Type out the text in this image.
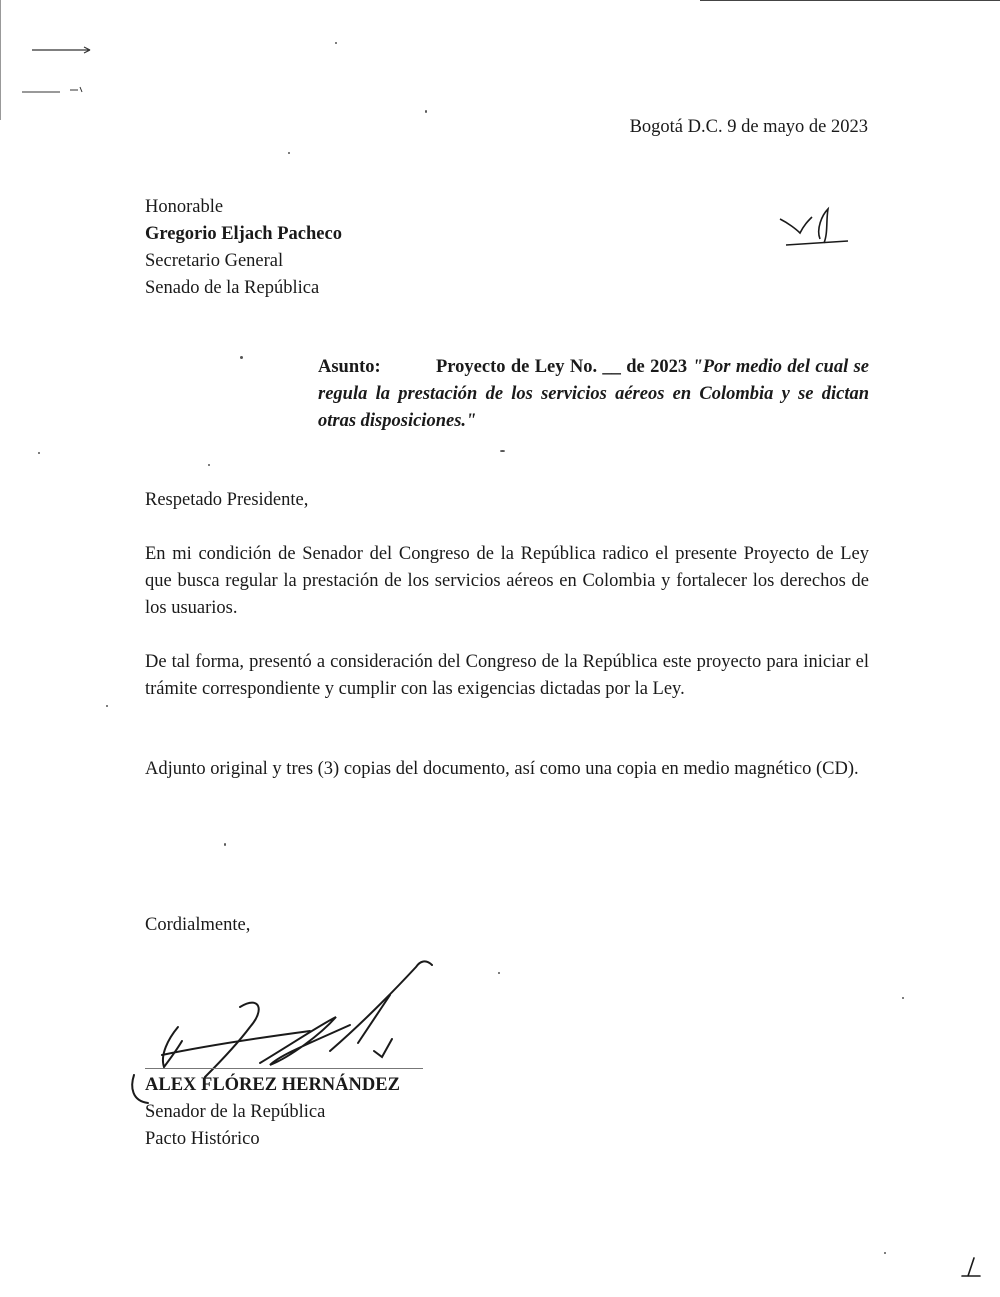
Bogotá D.C. 9 de mayo de 2023
Honorable
Gregorio Eljach Pacheco
Secretario General
Senado de la República
Asunto:	Proyecto de Ley No. __ de 2023 "Por medio del cual se regula la prestación de los servicios aéreos en Colombia y se dictan otras disposiciones."
Respetado Presidente,

En mi condición de Senador del Congreso de la República radico el presente Proyecto de Ley que busca regular la prestación de los servicios aéreos en Colombia y fortalecer los derechos de los usuarios.

De tal forma, presentó a consideración del Congreso de la República este proyecto para iniciar el trámite correspondiente y cumplir con las exigencias dictadas por la Ley.

Adjunto original y tres (3) copias del documento, así como una copia en medio magnético (CD).

Cordialmente,
ALEX FLÓREZ HERNÁNDEZ
Senador de la República
Pacto Histórico
